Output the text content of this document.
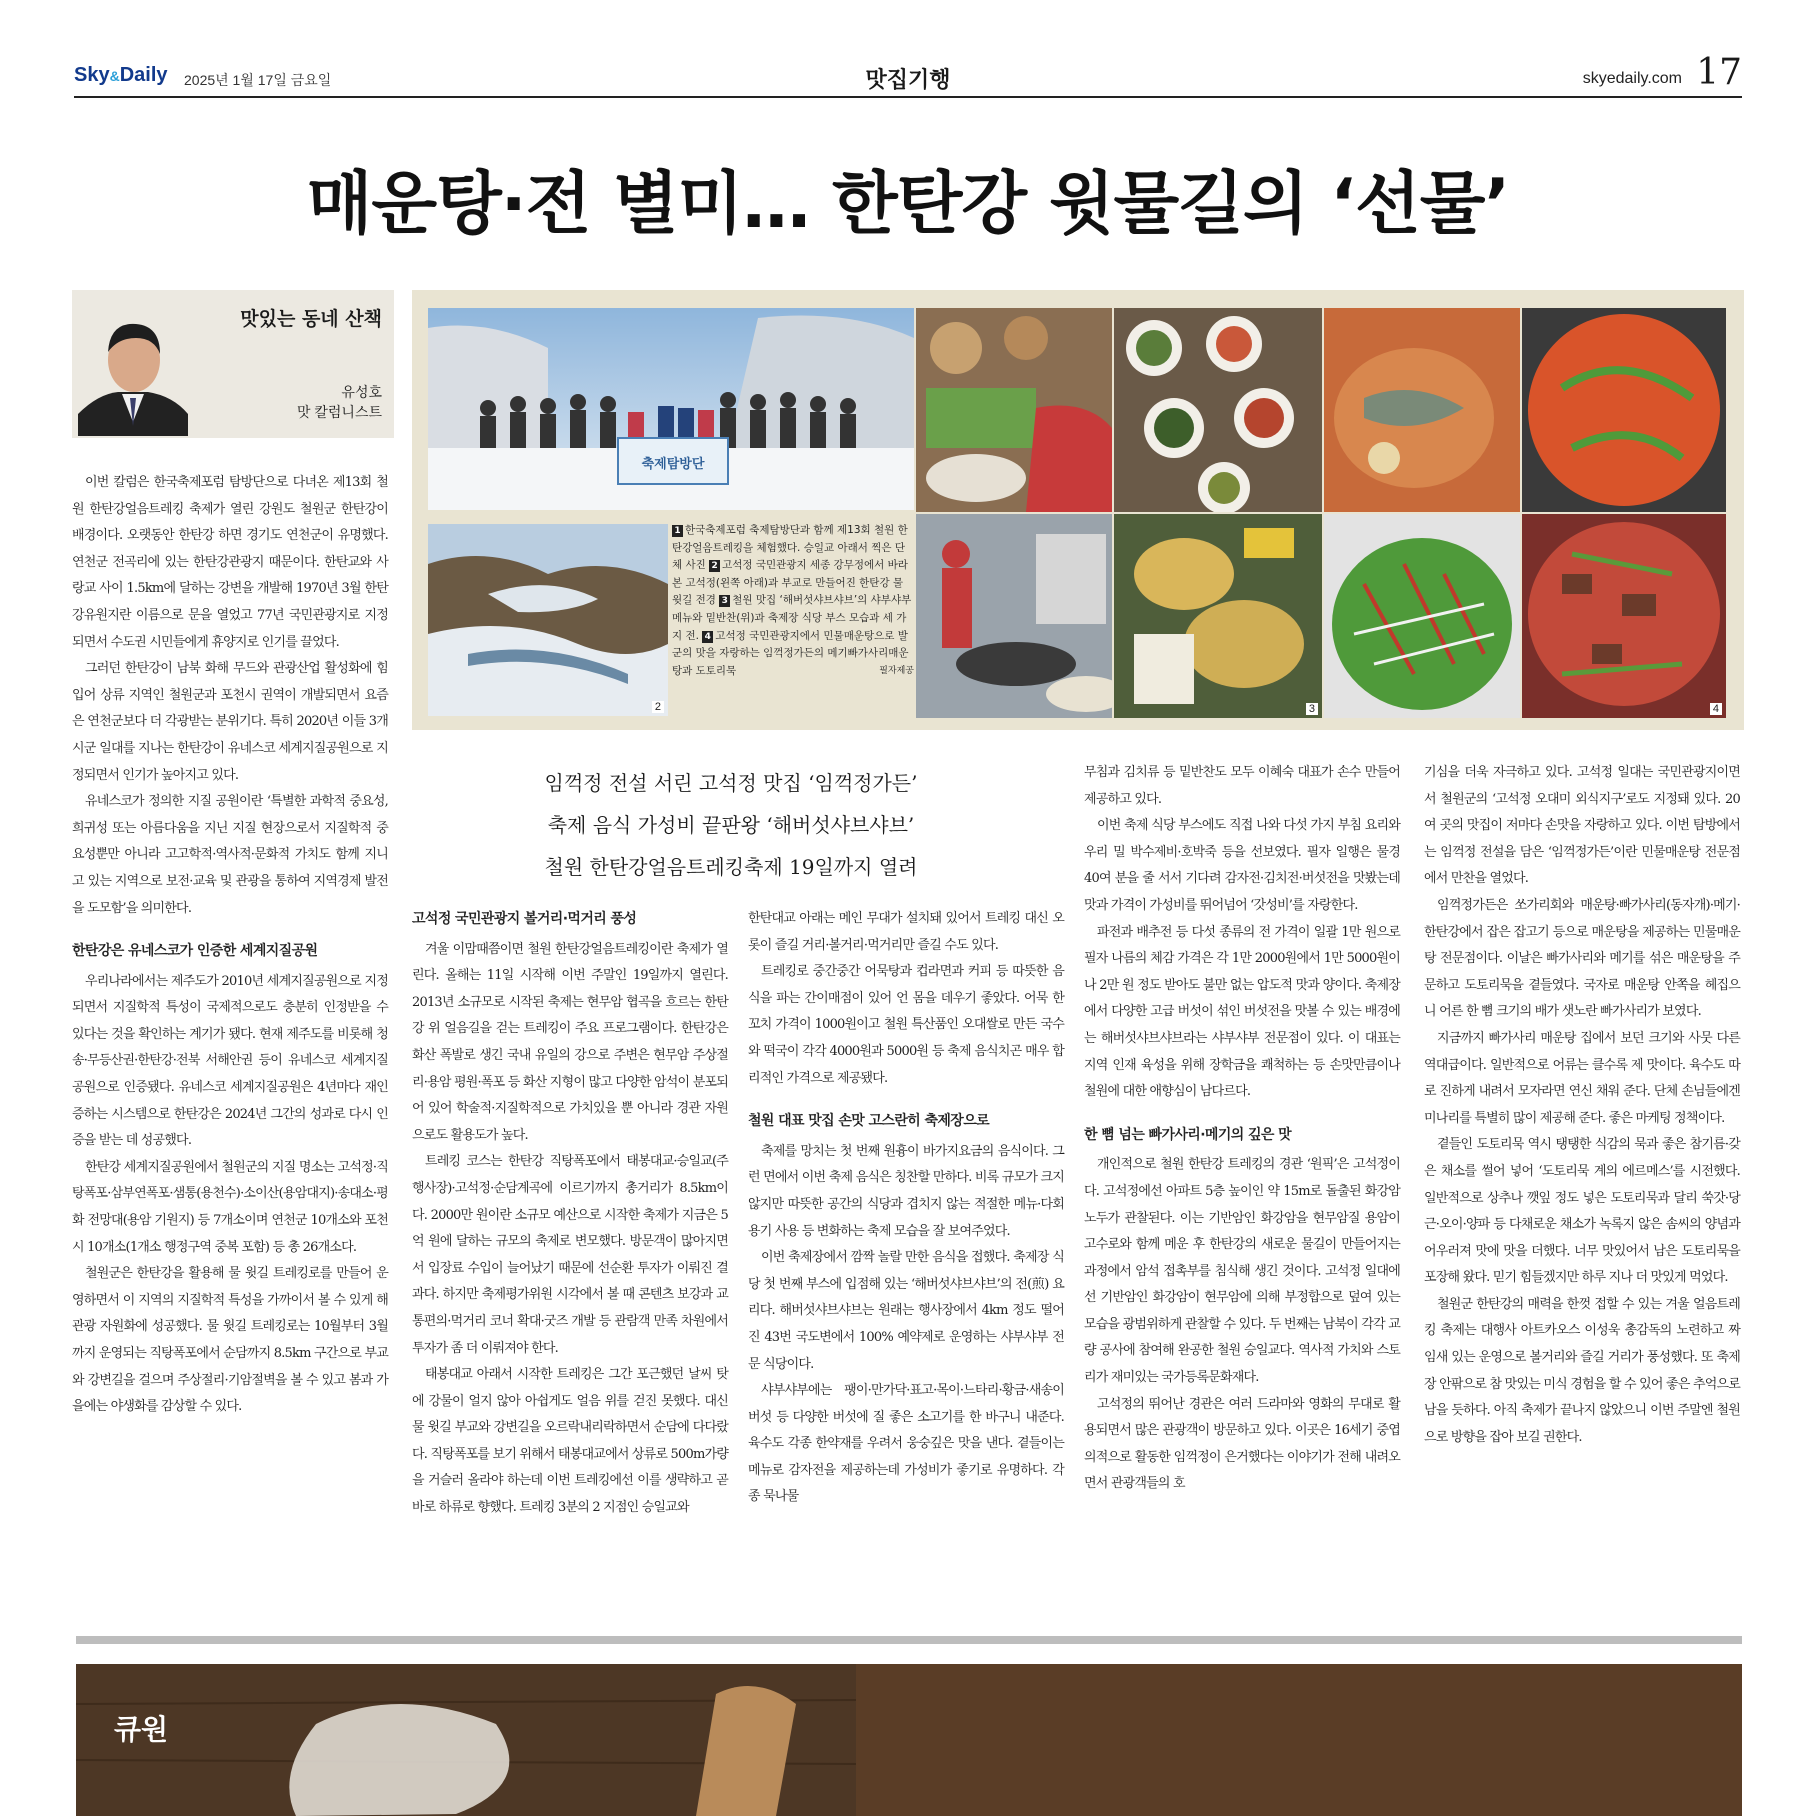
Sky&Daily 2025년 1월 17일 금요일	맛집기행	skyedaily.com 17
매운탕·전 별미… 한탄강 윗물길의 ‘선물’
맛있는 동네 산책
유성호
맛 칼럼니스트
축제탐방단
2
1 한국축제포럼 축제탐방단과 함께 제13회 철원 한탄강얼음트레킹을 체험했다. 승일교 아래서 찍은 단체 사진 2 고석정 국민관광지 세종 강무정에서 바라본 고석정(왼쪽 아래)과 부교로 만들어진 한탄강 물 윗길 전경 3 철원 맛집 ‘해버섯샤브샤브’의 샤부샤부 메뉴와 밑반찬(위)과 축제장 식당 부스 모습과 세 가지 전. 4 고석정 국민관광지에서 민물매운탕으로 발군의 맛을 자랑하는 임꺽정가든의 메기빠가사리매운탕과 도토리묵	필자제공
3	4
임꺽정 전설 서린 고석정 맛집 ‘임꺽정가든’
축제 음식 가성비 끝판왕 ‘해버섯샤브샤브’
철원 한탄강얼음트레킹축제 19일까지 열려

이번 칼럼은 한국축제포럼 탐방단으로 다녀온 제13회 철원 한탄강얼음트레킹 축제가 열린 강원도 철원군 한탄강이 배경이다. 오랫동안 한탄강 하면 경기도 연천군이 유명했다. 연천군 전곡리에 있는 한탄강관광지 때문이다. 한탄교와 사랑교 사이 1.5km에 달하는 강변을 개발해 1970년 3월 한탄강유원지란 이름으로 문을 열었고 77년 국민관광지로 지정되면서 수도권 시민들에게 휴양지로 인기를 끌었다.

그러던 한탄강이 남북 화해 무드와 관광산업 활성화에 힘입어 상류 지역인 철원군과 포천시 권역이 개발되면서 요즘은 연천군보다 더 각광받는 분위기다. 특히 2020년 이들 3개 시군 일대를 지나는 한탄강이 유네스코 세계지질공원으로 지정되면서 인기가 높아지고 있다.

유네스코가 정의한 지질 공원이란 ‘특별한 과학적 중요성, 희귀성 또는 아름다움을 지닌 지질 현장으로서 지질학적 중요성뿐만 아니라 고고학적·역사적·문화적 가치도 함께 지니고 있는 지역으로 보전·교육 및 관광을 통하여 지역경제 발전을 도모함’을 의미한다.

한탄강은 유네스코가 인증한 세계지질공원

우리나라에서는 제주도가 2010년 세계지질공원으로 지정되면서 지질학적 특성이 국제적으로도 충분히 인정받을 수 있다는 것을 확인하는 계기가 됐다. 현재 제주도를 비롯해 청송·무등산권·한탄강·전북 서해안권 등이 유네스코 세계지질공원으로 인증됐다. 유네스코 세계지질공원은 4년마다 재인증하는 시스템으로 한탄강은 2024년 그간의 성과로 다시 인증을 받는 데 성공했다.

한탄강 세계지질공원에서 철원군의 지질 명소는 고석정·직탕폭포·삼부연폭포·샘통(용천수)·소이산(용암대지)·송대소·평화 전망대(용암 기원지) 등 7개소이며 연천군 10개소와 포천시 10개소(1개소 행정구역 중복 포함) 등 총 26개소다.

철원군은 한탄강을 활용해 물 윗길 트레킹로를 만들어 운영하면서 이 지역의 지질학적 특성을 가까이서 볼 수 있게 해 관광 자원화에 성공했다. 물 윗길 트레킹로는 10월부터 3월까지 운영되는 직탕폭포에서 순담까지 8.5km 구간으로 부교와 강변길을 걸으며 주상절리·기암절벽을 볼 수 있고 봄과 가을에는 야생화를 감상할 수 있다.

고석정 국민관광지 볼거리·먹거리 풍성

겨울 이맘때쯤이면 철원 한탄강얼음트레킹이란 축제가 열린다. 올해는 11일 시작해 이번 주말인 19일까지 열린다. 2013년 소규모로 시작된 축제는 현무암 협곡을 흐르는 한탄강 위 얼음길을 걷는 트레킹이 주요 프로그램이다. 한탄강은 화산 폭발로 생긴 국내 유일의 강으로 주변은 현무암 주상절리·용암 평원·폭포 등 화산 지형이 많고 다양한 암석이 분포되어 있어 학술적·지질학적으로 가치있을 뿐 아니라 경관 자원으로도 활용도가 높다.

트레킹 코스는 한탄강 직탕폭포에서 태봉대교·승일교(주 행사장)·고석정·순담계곡에 이르기까지 총거리가 8.5km이다. 2000만 원이란 소규모 예산으로 시작한 축제가 지금은 5억 원에 달하는 규모의 축제로 변모했다. 방문객이 많아지면서 입장료 수입이 늘어났기 때문에 선순환 투자가 이뤄진 결과다. 하지만 축제평가위원 시각에서 볼 때 콘텐츠 보강과 교통편의·먹거리 코너 확대·굿즈 개발 등 관람객 만족 차원에서 투자가 좀 더 이뤄져야 한다.

태봉대교 아래서 시작한 트레킹은 그간 포근했던 날씨 탓에 강물이 얼지 않아 아쉽게도 얼음 위를 걷진 못했다. 대신 물 윗길 부교와 강변길을 오르락내리락하면서 순담에 다다랐다. 직탕폭포를 보기 위해서 태봉대교에서 상류로 500m가량을 거슬러 올라야 하는데 이번 트레킹에선 이를 생략하고 곧바로 하류로 향했다. 트레킹 3분의 2 지점인 승일교와

한탄대교 아래는 메인 무대가 설치돼 있어서 트레킹 대신 오롯이 즐길 거리·볼거리·먹거리만 즐길 수도 있다.

트레킹로 중간중간 어묵탕과 컵라면과 커피 등 따뜻한 음식을 파는 간이매점이 있어 언 몸을 데우기 좋았다. 어묵 한 꼬치 가격이 1000원이고 철원 특산품인 오대쌀로 만든 국수와 떡국이 각각 4000원과 5000원 등 축제 음식치곤 매우 합리적인 가격으로 제공됐다.

철원 대표 맛집 손맛 고스란히 축제장으로

축제를 망치는 첫 번째 원흉이 바가지요금의 음식이다. 그런 면에서 이번 축제 음식은 칭찬할 만하다. 비록 규모가 크지 않지만 따뜻한 공간의 식당과 겹치지 않는 적절한 메뉴·다회용기 사용 등 변화하는 축제 모습을 잘 보여주었다.

이번 축제장에서 깜짝 놀랄 만한 음식을 접했다. 축제장 식당 첫 번째 부스에 입점해 있는 ‘해버섯샤브샤브’의 전(煎) 요리다. 해버섯샤브샤브는 원래는 행사장에서 4km 정도 떨어진 43번 국도변에서 100% 예약제로 운영하는 샤부샤부 전문 식당이다.

샤부샤부에는 팽이·만가닥·표고·목이·느타리·황금·새송이버섯 등 다양한 버섯에 질 좋은 소고기를 한 바구니 내준다. 육수도 각종 한약재를 우려서 웅숭깊은 맛을 낸다. 곁들이는 메뉴로 감자전을 제공하는데 가성비가 좋기로 유명하다. 각종 묵나물

무침과 김치류 등 밑반찬도 모두 이혜숙 대표가 손수 만들어 제공하고 있다.

이번 축제 식당 부스에도 직접 나와 다섯 가지 부침 요리와 우리 밀 박수제비·호박죽 등을 선보였다. 필자 일행은 물경 40여 분을 줄 서서 기다려 감자전·김치전·버섯전을 맛봤는데 맛과 가격이 가성비를 뛰어넘어 ‘갓성비’를 자랑한다.

파전과 배추전 등 다섯 종류의 전 가격이 일괄 1만 원으로 필자 나름의 체감 가격은 각 1만 2000원에서 1만 5000원이나 2만 원 정도 받아도 불만 없는 압도적 맛과 양이다. 축제장에서 다양한 고급 버섯이 섞인 버섯전을 맛볼 수 있는 배경에는 해버섯샤브샤브라는 샤부샤부 전문점이 있다. 이 대표는 지역 인재 육성을 위해 장학금을 쾌척하는 등 손맛만큼이나 철원에 대한 애향심이 남다르다.

한 뼘 넘는 빠가사리·메기의 깊은 맛

개인적으로 철원 한탄강 트레킹의 경관 ‘원픽’은 고석정이다. 고석정에선 아파트 5층 높이인 약 15m로 돌출된 화강암 노두가 관찰된다. 이는 기반암인 화강암을 현무암질 용암이 고수로와 함께 메운 후 한탄강의 새로운 물길이 만들어지는 과정에서 암석 접촉부를 침식해 생긴 것이다. 고석정 일대에선 기반암인 화강암이 현무암에 의해 부정합으로 덮여 있는 모습을 광범위하게 관찰할 수 있다. 두 번째는 남북이 각각 교량 공사에 참여해 완공한 철원 승일교다. 역사적 가치와 스토리가 재미있는 국가등록문화재다.

고석정의 뛰어난 경관은 여러 드라마와 영화의 무대로 활용되면서 많은 관광객이 방문하고 있다. 이곳은 16세기 중엽 의적으로 활동한 임꺽정이 은거했다는 이야기가 전해 내려오면서 관광객들의 호

기심을 더욱 자극하고 있다. 고석정 일대는 국민관광지이면서 철원군의 ‘고석정 오대미 외식지구’로도 지정돼 있다. 20여 곳의 맛집이 저마다 손맛을 자랑하고 있다. 이번 탐방에서는 임꺽정 전설을 담은 ‘임꺽정가든’이란 민물매운탕 전문점에서 만찬을 열었다.

임꺽정가든은 쏘가리회와 매운탕·빠가사리(동자개)·메기·한탄강에서 잡은 잡고기 등으로 매운탕을 제공하는 민물매운탕 전문점이다. 이날은 빠가사리와 메기를 섞은 매운탕을 주문하고 도토리묵을 곁들였다. 국자로 매운탕 안쪽을 헤집으니 어른 한 뼘 크기의 배가 샛노란 빠가사리가 보였다.

지금까지 빠가사리 매운탕 집에서 보던 크기와 사뭇 다른 역대급이다. 일반적으로 어류는 클수록 제 맛이다. 육수도 따로 진하게 내려서 모자라면 연신 채워 준다. 단체 손님들에겐 미나리를 특별히 많이 제공해 준다. 좋은 마케팅 정책이다.

곁들인 도토리묵 역시 탱탱한 식감의 묵과 좋은 참기름·갖은 채소를 썰어 넣어 ‘도토리묵 계의 에르메스’를 시전했다. 일반적으로 상추나 깻잎 정도 넣은 도토리묵과 달리 쑥갓·당근·오이·양파 등 다채로운 채소가 녹록지 않은 솜씨의 양념과 어우러져 맛에 맛을 더했다. 너무 맛있어서 남은 도토리묵을 포장해 왔다. 믿기 힘들겠지만 하루 지나 더 맛있게 먹었다.

철원군 한탄강의 매력을 한껏 접할 수 있는 겨울 얼음트레킹 축제는 대행사 아트카오스 이성욱 총감독의 노련하고 짜임새 있는 운영으로 볼거리와 즐길 거리가 풍성했다. 또 축제장 안팎으로 참 맛있는 미식 경험을 할 수 있어 좋은 추억으로 남을 듯하다. 아직 축제가 끝나지 않았으니 이번 주말엔 철원으로 방향을 잡아 보길 권한다.

큐원
